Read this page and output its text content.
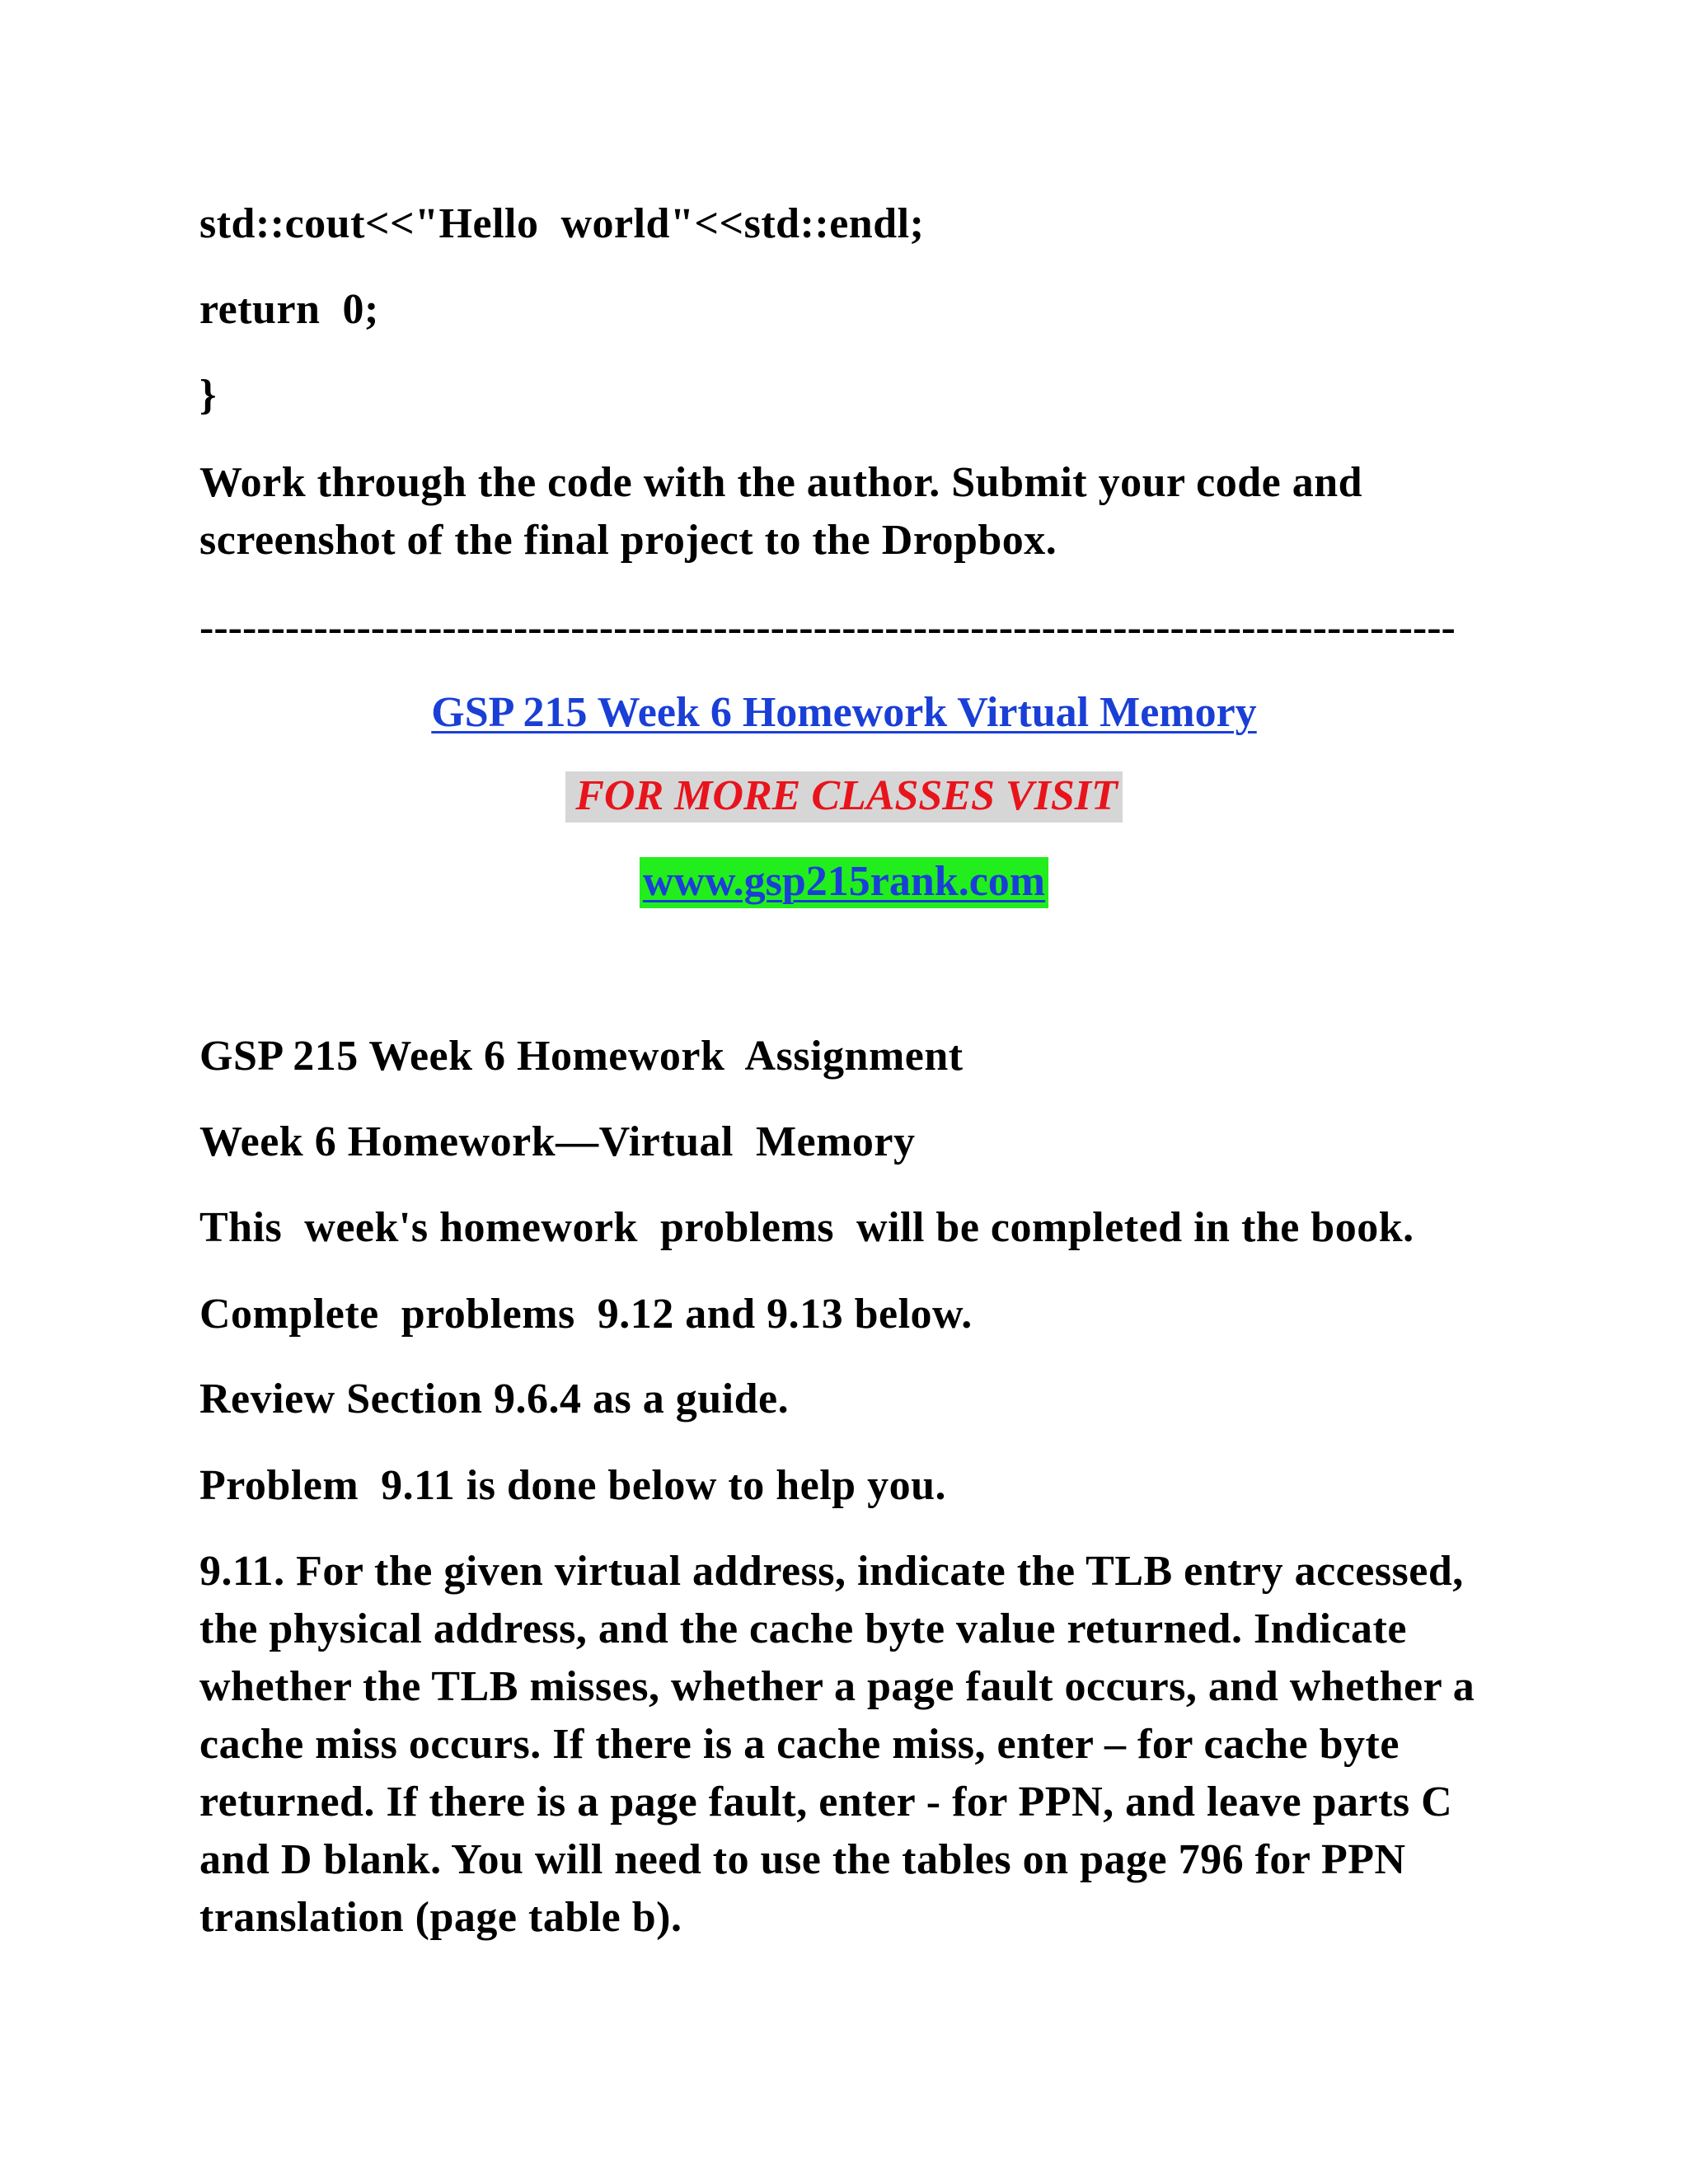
std::cout<<"Hello  world"<<std::endl;
return  0;
}
Work through the code with the author. Submit your code and screenshot of the final project to the Dropbox.
----------------------------------------------------------------------------------------
GSP 215 Week 6 Homework Virtual Memory
FOR MORE CLASSES VISIT
www.gsp215rank.com
GSP 215 Week 6 Homework  Assignment
Week 6 Homework—Virtual  Memory
This  week's homework  problems  will be completed in the book.
Complete  problems  9.12 and 9.13 below.
Review Section 9.6.4 as a guide.
Problem  9.11 is done below to help you.
9.11. For the given virtual address, indicate the TLB entry accessed, the physical address, and the cache byte value returned. Indicate whether the TLB misses, whether a page fault occurs, and whether a cache miss occurs. If there is a cache miss, enter – for cache byte returned. If there is a page fault, enter - for PPN, and leave parts C and D blank. You will need to use the tables on page 796 for PPN translation (page table b).
